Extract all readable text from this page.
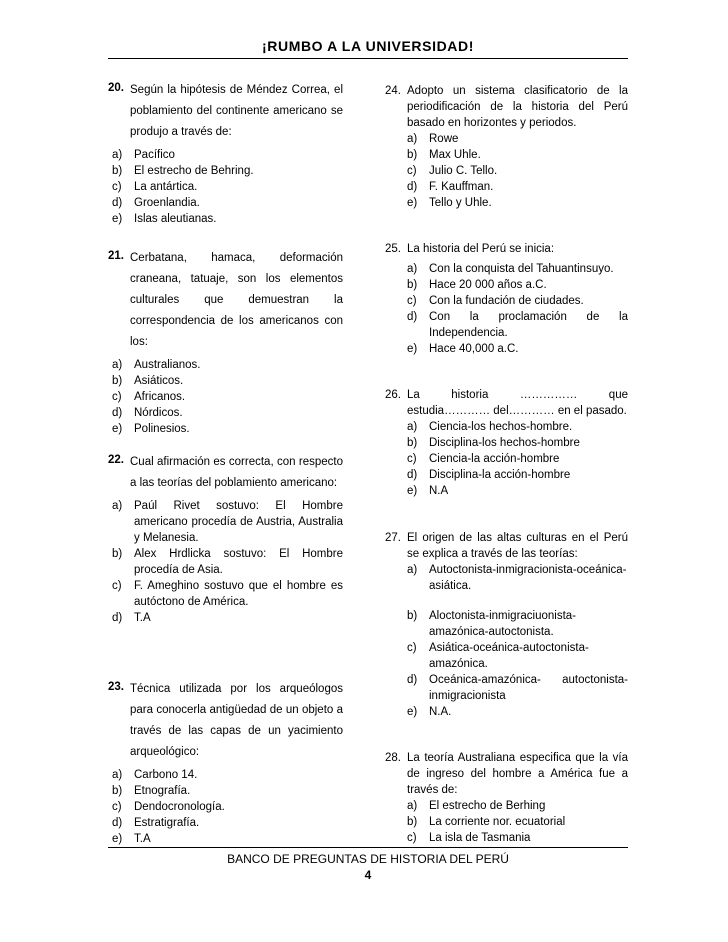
¡RUMBO A LA UNIVERSIDAD!
20. Según la hipótesis de Méndez Correa, el poblamiento del continente americano se produjo a través de:
a)	Pacífico
b)	El estrecho de Behring.
c)	La antártica.
d)	Groenlandia.
e)	Islas aleutianas.
21. Cerbatana, hamaca, deformación craneana, tatuaje, son los elementos culturales que demuestran la correspondencia de los americanos con los:
a)	Australianos.
b)	Asiáticos.
c)	Africanos.
d)	Nórdicos.
e)	Polinesios.
22. Cual afirmación es correcta, con respecto a las teorías del poblamiento americano:
a)	Paúl Rivet sostuvo: El Hombre americano procedía de Austria, Australia y Melanesia.
b)	Alex Hrdlicka sostuvo: El Hombre procedía de Asia.
c)	F. Ameghino sostuvo que el hombre es autóctono de América.
d)	T.A
23. Técnica utilizada por los arqueólogos para conocerla antigüedad de un objeto a través de las capas de un yacimiento arqueológico:
a)	Carbono 14.
b)	Etnografía.
c)	Dendocronología.
d)	Estratigrafía.
e)	T.A
24. Adopto un sistema clasificatorio de la periodificación de la historia del Perú basado en horizontes y periodos.
a)	Rowe
b)	Max Uhle.
c)	Julio C. Tello.
d)	F. Kauffman.
e)	Tello y Uhle.
25. La historia del Perú se inicia:
a)	Con la conquista del Tahuantinsuyo.
b)	Hace 20 000 años a.C.
c)	Con la fundación de ciudades.
d)	Con la proclamación de la Independencia.
e)	Hace 40,000 a.C.
26. La historia …………… que estudia………… del………… en el pasado.
a)	Ciencia-los hechos-hombre.
b)	Disciplina-los hechos-hombre
c)	Ciencia-la acción-hombre
d)	Disciplina-la acción-hombre
e)	N.A
27. El origen de las altas culturas en el Perú se explica a través de las teorías:
a)	Autoctonista-inmigracionista-oceánica-asiática.
b)	Aloctonista-inmigraciuonista-amazónica-autoctonista.
c)	Asiática-oceánica-autoctonista-amazónica.
d)	Oceánica-amazónica- autoctonista-inmigracionista
e)	N.A.
28. La teoría Australiana especifica que la vía de ingreso del hombre a América fue a través de:
a)	El estrecho de Berhing
b)	La corriente nor. ecuatorial
c)	La isla de Tasmania
BANCO DE PREGUNTAS DE HISTORIA DEL PERÚ
4
